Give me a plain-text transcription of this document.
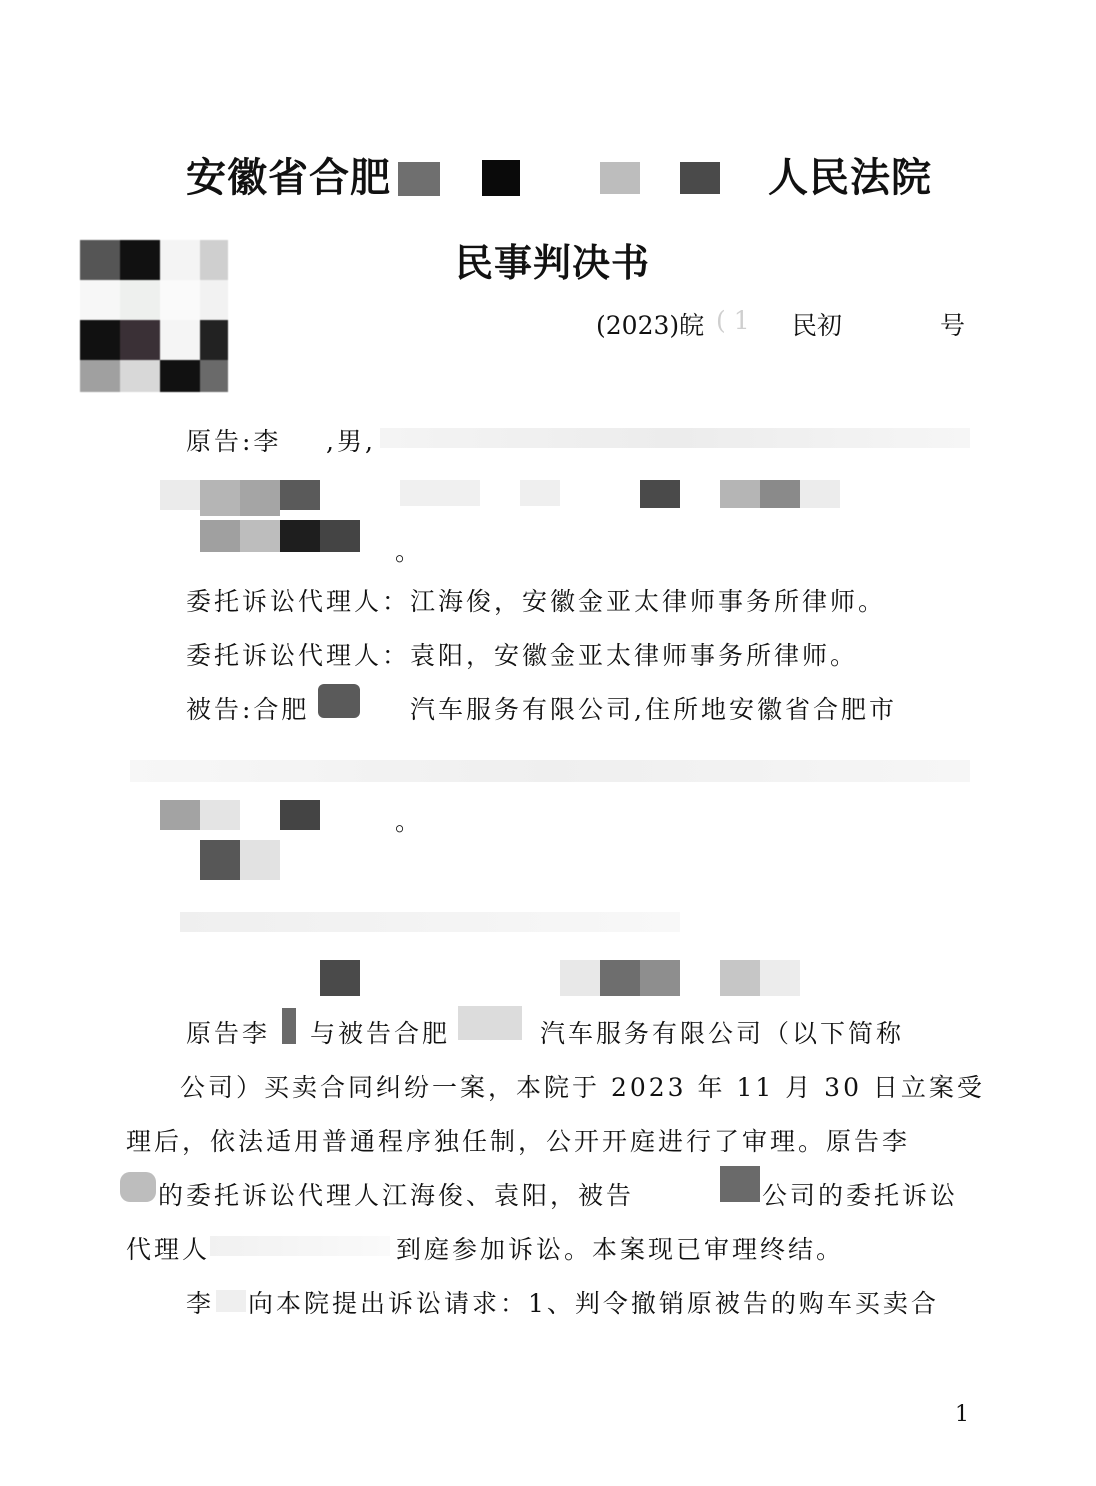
安徽省合肥	人民法院
民事判决书
(2023)皖 ( 1 民初	号
原告:李 ,男,
。
委托诉讼代理人：江海俊，安徽金亚太律师事务所律师。
委托诉讼代理人：袁阳，安徽金亚太律师事务所律师。
被告:合肥	汽车服务有限公司,住所地安徽省合肥市
。
原告李 与被告合肥	汽车服务有限公司（以下简称
公司）买卖合同纠纷一案，本院于 2023 年 11 月 30 日立案受
理后，依法适用普通程序独任制，公开开庭进行了审理。原告李
的委托诉讼代理人江海俊、袁阳，被告	公司的委托诉讼
代理人	到庭参加诉讼。本案现已审理终结。
李 向本院提出诉讼请求：1、判令撤销原被告的购车买卖合
1
